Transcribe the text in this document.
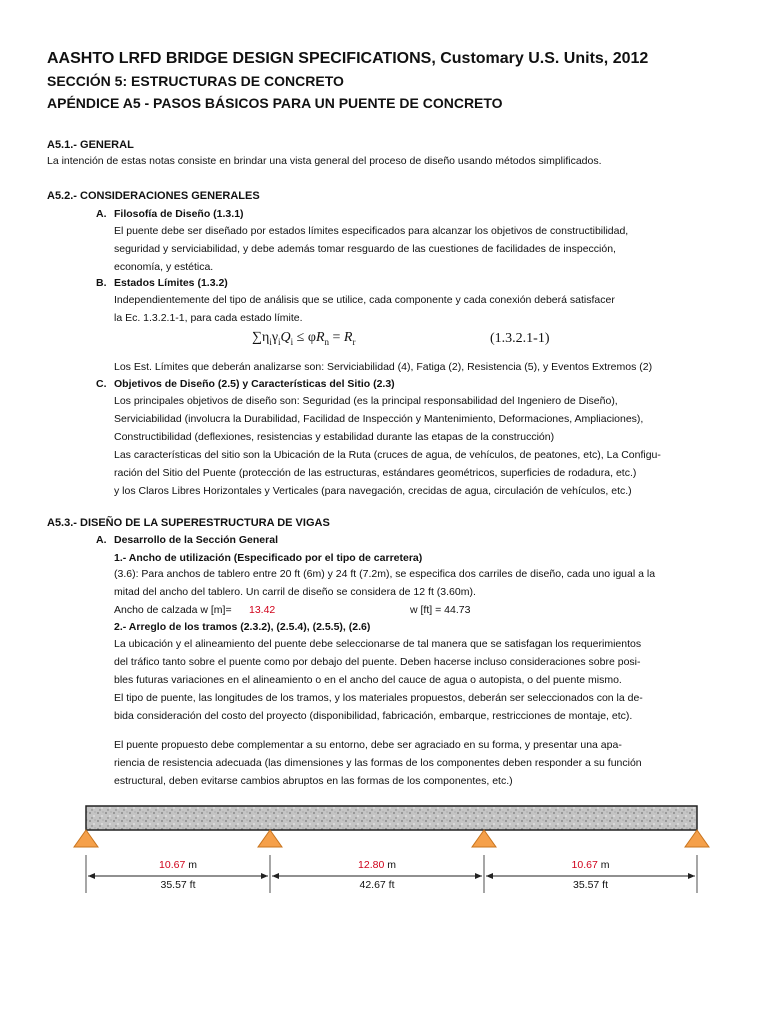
AASHTO LRFD BRIDGE DESIGN SPECIFICATIONS, Customary U.S. Units, 2012
SECCIÓN 5: ESTRUCTURAS DE CONCRETO
APÉNDICE A5 - PASOS BÁSICOS PARA UN PUENTE DE CONCRETO
A5.1.- GENERAL
La intención de estas notas consiste en brindar una vista general del proceso de diseño usando métodos simplificados.
A5.2.- CONSIDERACIONES GENERALES
A. Filosofía de Diseño (1.3.1)
El puente debe ser diseñado por estados límites especificados para alcanzar los objetivos de constructibilidad,
seguridad y serviciabilidad, y debe además tomar resguardo de las cuestiones de facilidades de inspección,
economía, y estética.
B. Estados Límites (1.3.2)
Independientemente del tipo de análisis que se utilice, cada componente y cada conexión deberá satisfacer
la Ec. 1.3.2.1-1, para cada estado límite.
$\sum\eta_i\gamma_iQ_i \le \varphi R_n = R_r$	(1.3.2.1-1)
Los Est. Límites que deberán analizarse son: Serviciabilidad (4), Fatiga (2), Resistencia (5), y Eventos Extremos (2)
C. Objetivos de Diseño (2.5) y Características del Sitio (2.3)
Los principales objetivos de diseño son: Seguridad (es la principal responsabilidad del Ingeniero de Diseño),
Serviciabilidad (involucra la Durabilidad, Facilidad de Inspección y Mantenimiento, Deformaciones, Ampliaciones),
Constructibilidad (deflexiones, resistencias y estabilidad durante las etapas de la construcción)
Las características del sitio son la Ubicación de la Ruta (cruces de agua, de vehículos, de peatones, etc), La Configu-
ración del Sitio del Puente (protección de las estructuras, estándares geométricos, superficies de rodadura, etc.)
y los Claros Libres Horizontales y Verticales (para navegación, crecidas de agua, circulación de vehículos, etc.)
A5.3.- DISEÑO DE LA SUPERESTRUCTURA DE VIGAS
A. Desarrollo de la Sección General
1.- Ancho de utilización (Especificado por el tipo de carretera)
(3.6): Para anchos de tablero entre 20 ft (6m) y 24 ft (7.2m), se especifica dos carriles de diseño, cada uno igual a la
mitad del ancho del tablero. Un carril de diseño se considera de 12 ft (3.60m).
Ancho de calzada w [m]= 13.42	w [ft] = 44.73
2.- Arreglo de los tramos (2.3.2), (2.5.4), (2.5.5), (2.6)
La ubicación y el alineamiento del puente debe seleccionarse de tal manera que se satisfagan los requerimientos
del tráfico tanto sobre el puente como por debajo del puente. Deben hacerse incluso consideraciones sobre posi-
bles futuras variaciones en el alineamiento o en el ancho del cauce de agua o autopista, o del puente mismo.
El tipo de puente, las longitudes de los tramos, y los materiales propuestos, deberán ser seleccionados con la de-
bida consideración del costo del proyecto (disponibilidad, fabricación, embarque, restricciones de montaje, etc).
El puente propuesto debe complementar a su entorno, debe ser agraciado en su forma, y presentar una apa-
riencia de resistencia adecuada (las dimensiones y las formas de los componentes deben responder a su función
estructural, deben evitarse cambios abruptos en las formas de los componentes, etc.)
10.67 m
35.57 ft
12.80 m
42.67 ft
10.67 m
35.57 ft
